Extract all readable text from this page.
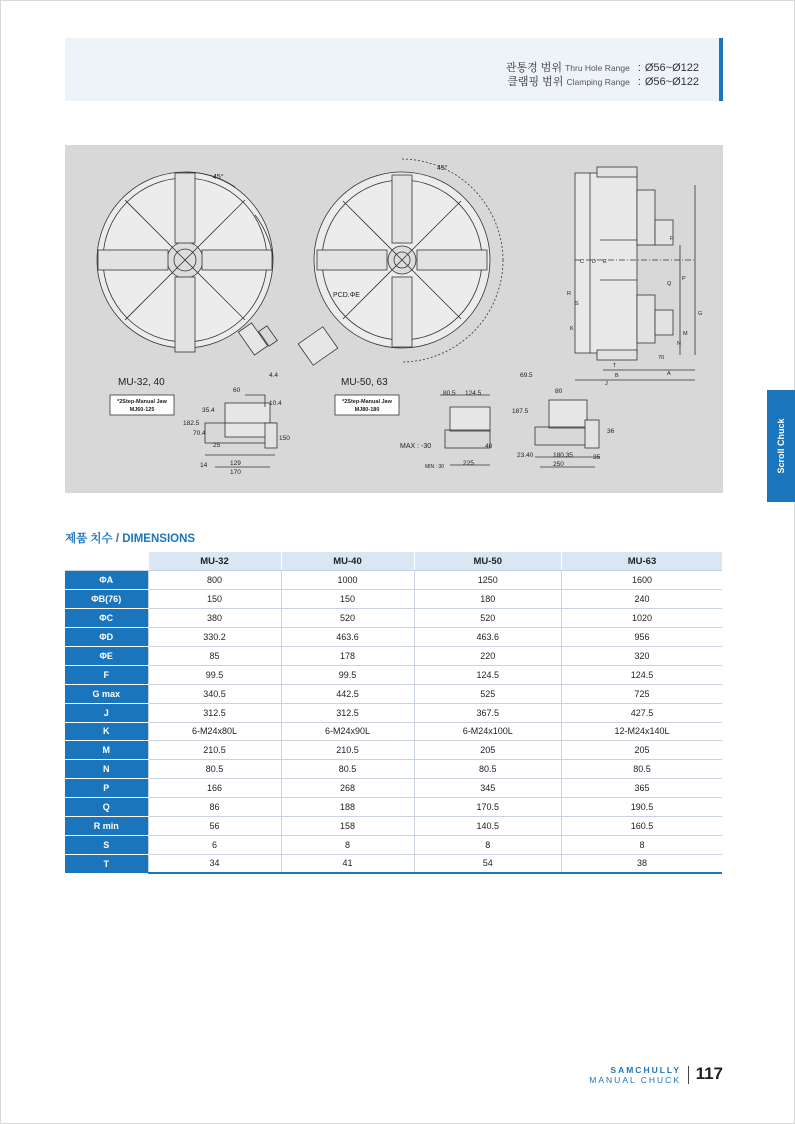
관통경 범위 Thru Hole Range : Ø56~Ø122
클램핑 범위 Clamping Range : Ø56~Ø122
45°
45°
PCD.ΦE
MU-32, 40	MU-50, 63
*2Step-Manual Jaw
MJ60-125
*2Step-Manual Jaw
MJ80-180
MAX : -30
MIN : 30
60
4.4
10.4
129
170
25
14
150
182.5
35.4
70.4
80.5 124.5
69.5
187.5
80
225	250
36
35
23.40
40
180.35
A
B
C D E
F
G
J
K
M
N
P
Q
R
S
T
70
Scroll Chuck
제품 치수 / DIMENSIONS
	MU-32	MU-40	MU-50	MU-63
ΦA	800	1000	1250	1600
ΦB(76)	150	150	180	240
ΦC	380	520	520	1020
ΦD	330.2	463.6	463.6	956
ΦE	85	178	220	320
F	99.5	99.5	124.5	124.5
G max	340.5	442.5	525	725
J	312.5	312.5	367.5	427.5
K	6-M24x80L	6-M24x90L	6-M24x100L	12-M24x140L
M	210.5	210.5	205	205
N	80.5	80.5	80.5	80.5
P	166	268	345	365
Q	86	188	170.5	190.5
R min	56	158	140.5	160.5
S	6	8	8	8
T	34	41	54	38
SAMCHULLY
MANUAL CHUCK 117
